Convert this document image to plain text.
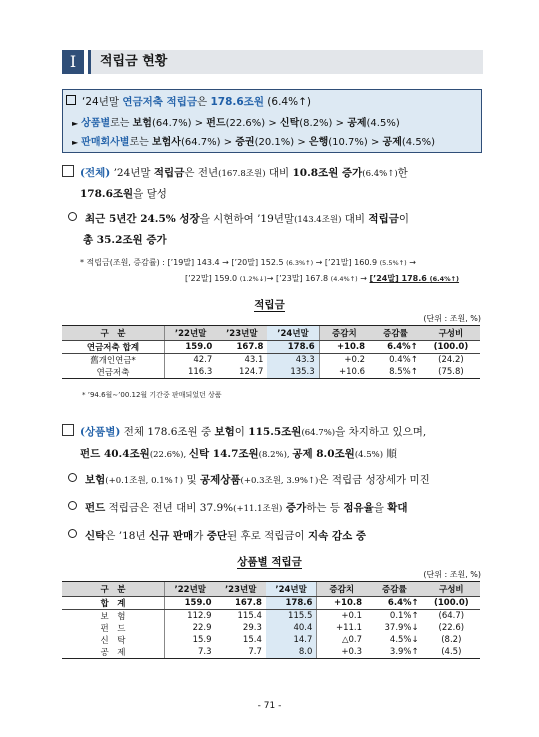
Ⅰ	적립금 현황
‘24년말 연금저축 적립금은 178.6조원 (6.4%↑)
► 상품별로는 보험(64.7%) > 펀드(22.6%) > 신탁(8.2%) > 공제(4.5%)
► 판매회사별로는 보험사(64.7%) > 증권(20.1%) > 은행(10.7%) > 공제(4.5%)
(전체) ’24년말 적립금은 전년(167.8조원) 대비 10.8조원 증가(6.4%↑)한
178.6조원을 달성
최근 5년간 24.5% 성장을 시현하여 ’19년말(143.4조원) 대비 적립금이
총 35.2조원 증가
* 적립금(조원, 증감률) : [’19말] 143.4 → [’20말] 152.5 (6.3%↑) → [’21말] 160.9 (5.5%↑) →
[’22말] 159.0 (1.2%↓)→ [’23말] 167.8 (4.4%↑) → [’24말] 178.6 (6.4%↑)
적립금
(단위 : 조원, %)
구　분	’22년말	’23년말	’24년말	증감치	증감률	구성비
연금저축 합계	159.0	167.8	178.6	+10.8	6.4%↑	(100.0)
舊개인연금*	42.7	43.1	43.3	+0.2	0.4%↑	(24.2)
연금저축	116.3	124.7	135.3	+10.6	8.5%↑	(75.8)
* ’94.6월∼’00.12월 기간중 판매되었던 상품
(상품별) 전체 178.6조원 중 보험이 115.5조원(64.7%)을 차지하고 있으며,
펀드 40.4조원(22.6%), 신탁 14.7조원(8.2%), 공제 8.0조원(4.5%) 順
보험(+0.1조원, 0.1%↑) 및 공제상품(+0.3조원, 3.9%↑)은 적립금 성장세가 미진
펀드 적립금은 전년 대비 37.9%(+11.1조원) 증가하는 등 점유율을 확대
신탁은 ’18년 신규 판매가 중단된 후로 적립금이 지속 감소 중
상품별 적립금
(단위 : 조원, %)
구　분	’22년말	’23년말	’24년말	증감치	증감률	구성비
합　계	159.0	167.8	178.6	+10.8	6.4%↑	(100.0)
보　험	112.9	115.4	115.5	+0.1	0.1%↑	(64.7)
펀　드	22.9	29.3	40.4	+11.1	37.9%↓	(22.6)
신　탁	15.9	15.4	14.7	△0.7	4.5%↓	(8.2)
공　제	7.3	7.7	8.0	+0.3	3.9%↑	(4.5)
- 71 -
